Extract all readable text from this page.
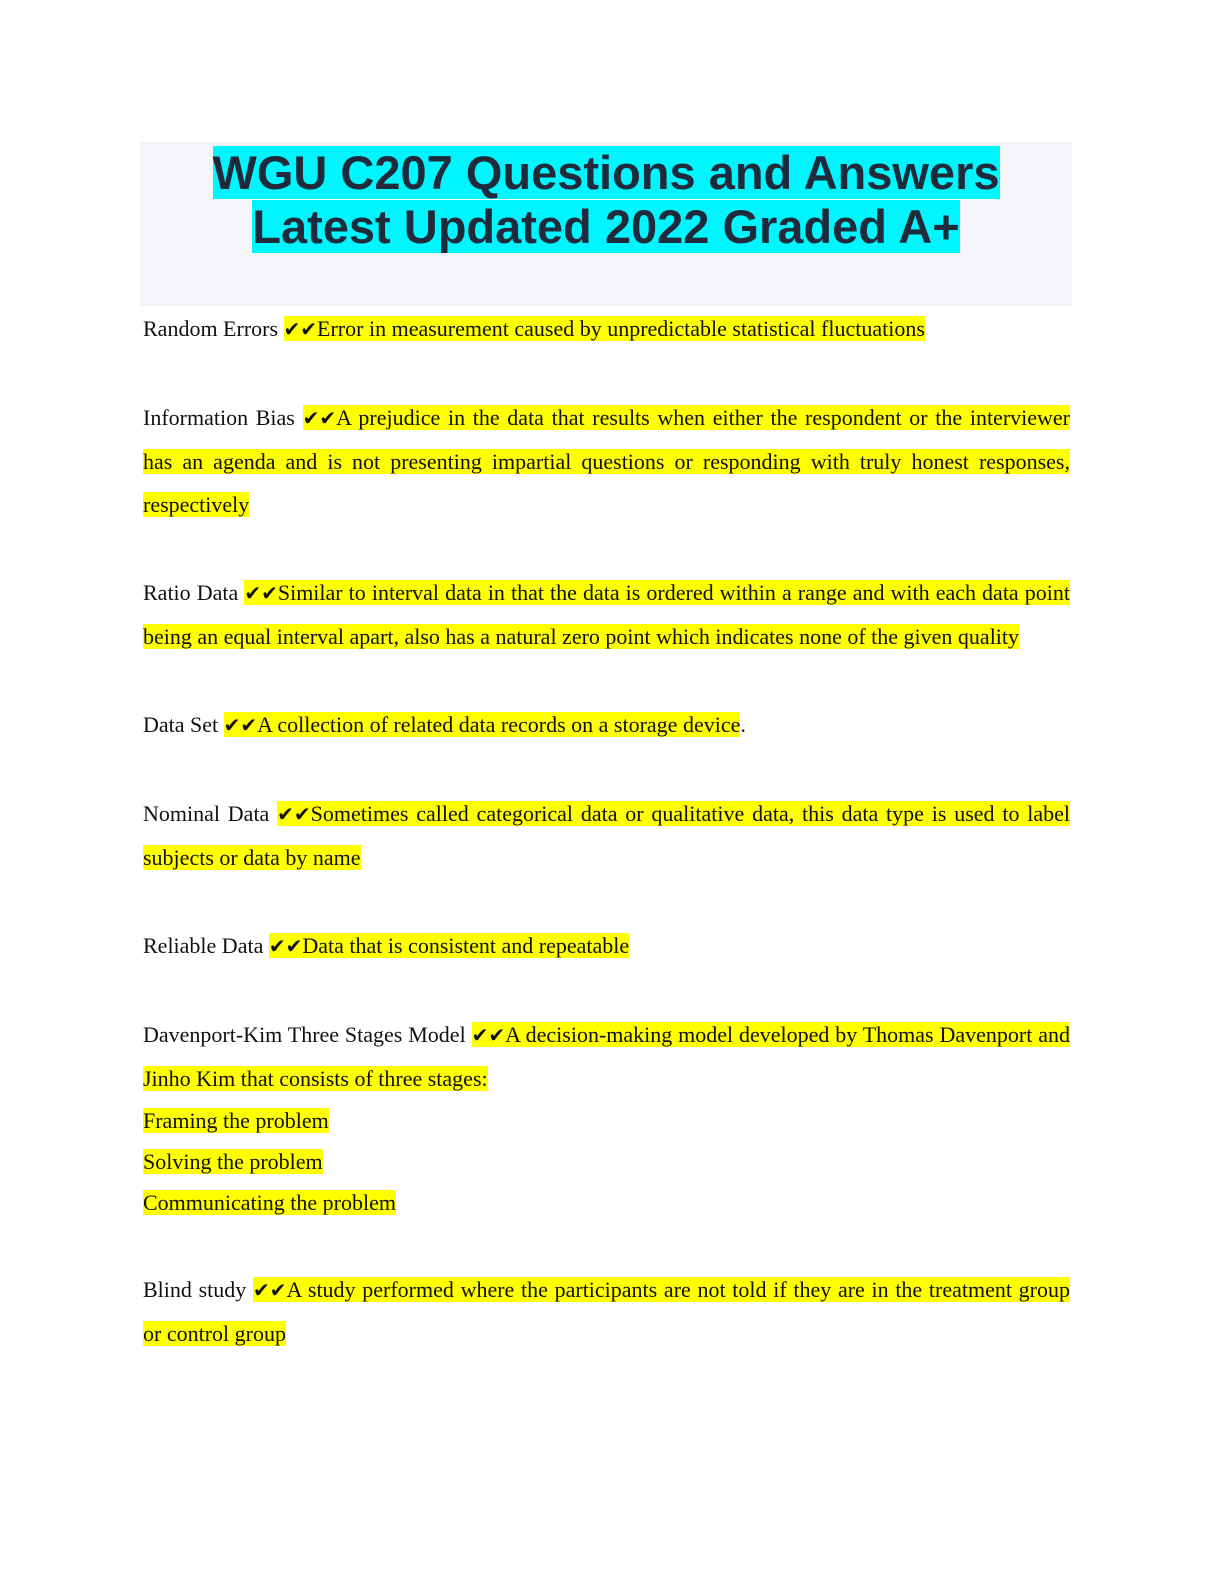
WGU C207 Questions and Answers
Latest Updated 2022 Graded A+

Random Errors ✔✔Error in measurement caused by unpredictable statistical fluctuations

Information Bias ✔✔A prejudice in the data that results when either the respondent or the interviewer has an agenda and is not presenting impartial questions or responding with truly honest responses, respectively

Ratio Data ✔✔Similar to interval data in that the data is ordered within a range and with each data point being an equal interval apart, also has a natural zero point which indicates none of the given quality

Data Set ✔✔A collection of related data records on a storage device.

Nominal Data ✔✔Sometimes called categorical data or qualitative data, this data type is used to label subjects or data by name

Reliable Data ✔✔Data that is consistent and repeatable

Davenport-Kim Three Stages Model ✔✔A decision-making model developed by Thomas Davenport and Jinho Kim that consists of three stages:

Framing the problem
Solving the problem
Communicating the problem

Blind study ✔✔A study performed where the participants are not told if they are in the treatment group or control group
